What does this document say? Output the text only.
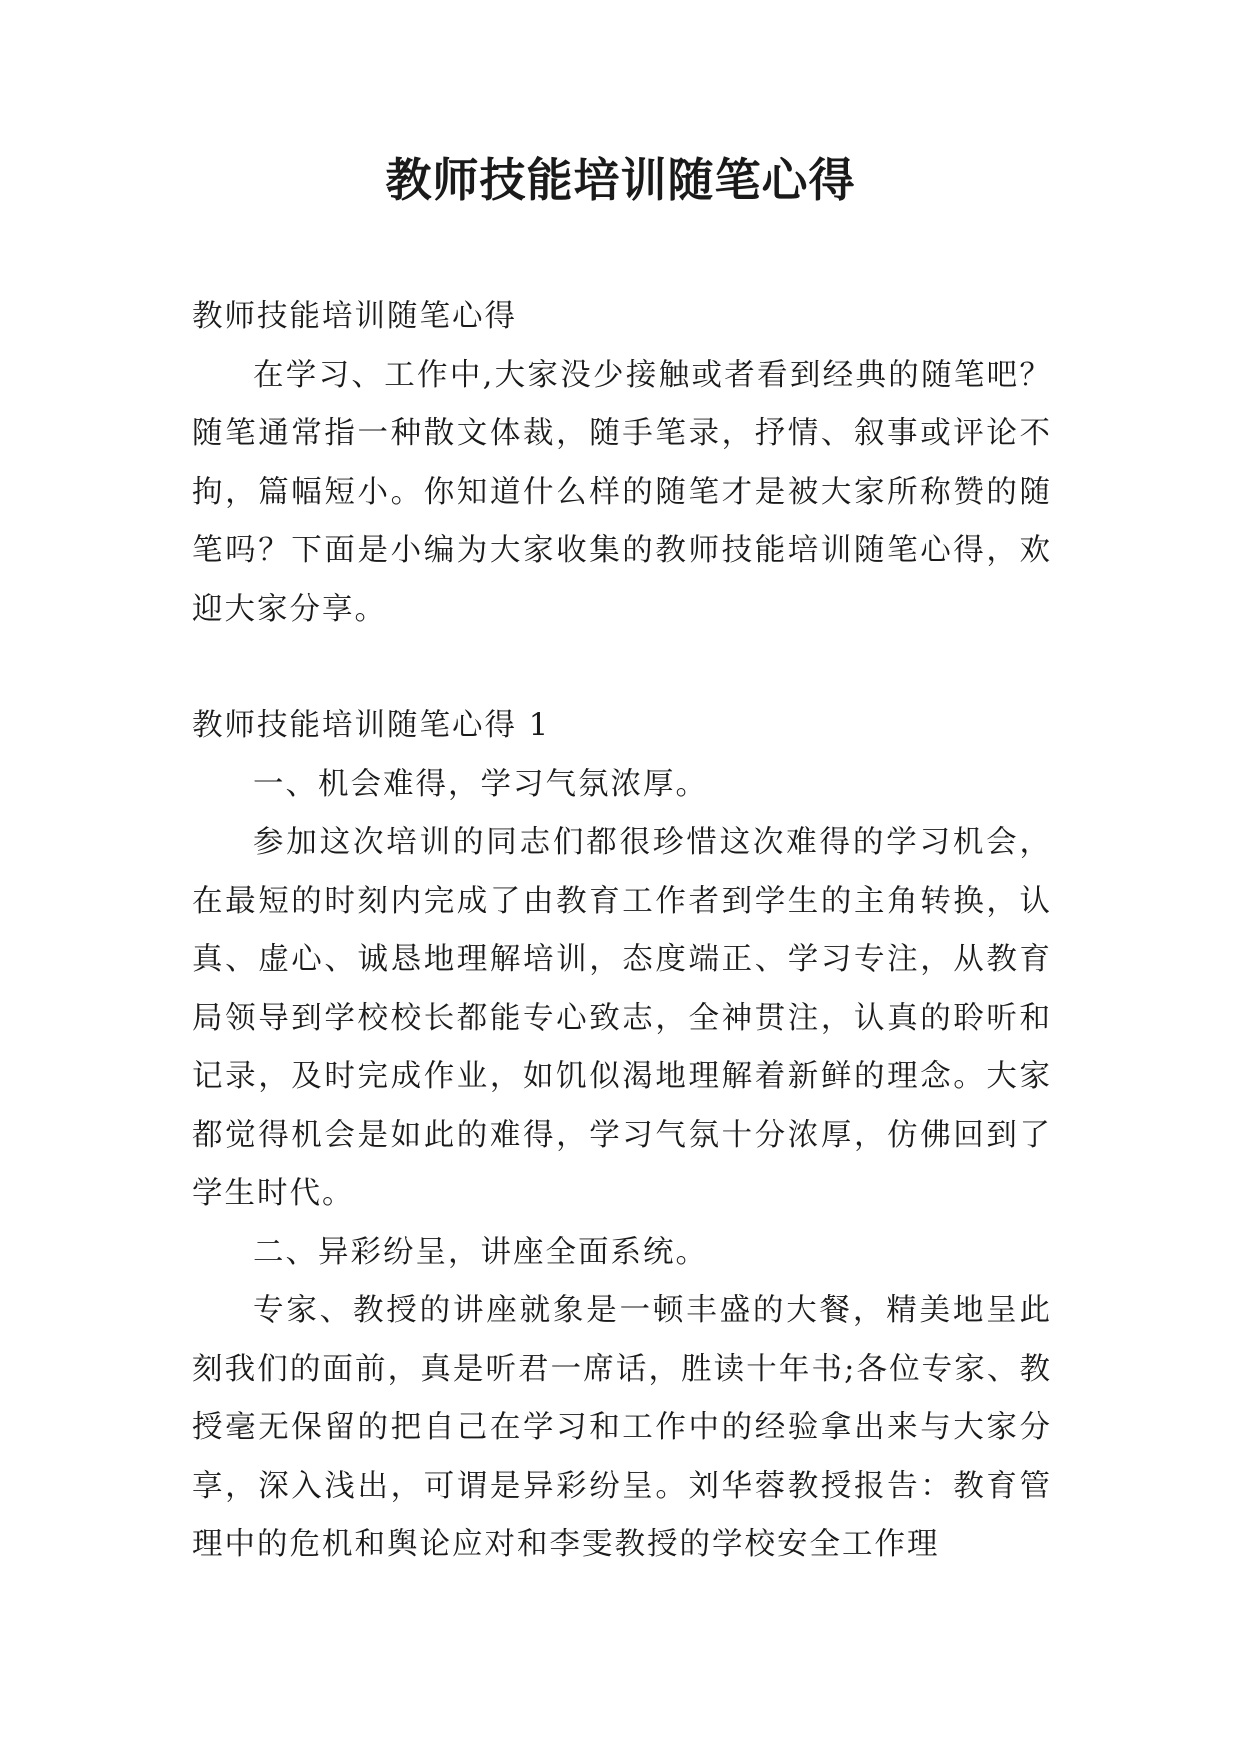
教师技能培训随笔心得

教师技能培训随笔心得

在学习、工作中,大家没少接触或者看到经典的随笔吧？随笔通常指一种散文体裁，随手笔录，抒情、叙事或评论不拘，篇幅短小。你知道什么样的随笔才是被大家所称赞的随笔吗？下面是小编为大家收集的教师技能培训随笔心得，欢迎大家分享。

教师技能培训随笔心得 1

一、机会难得，学习气氛浓厚。

参加这次培训的同志们都很珍惜这次难得的学习机会，在最短的时刻内完成了由教育工作者到学生的主角转换，认真、虚心、诚恳地理解培训，态度端正、学习专注，从教育局领导到学校校长都能专心致志，全神贯注，认真的聆听和记录，及时完成作业，如饥似渴地理解着新鲜的理念。大家都觉得机会是如此的难得，学习气氛十分浓厚，仿佛回到了学生时代。

二、异彩纷呈，讲座全面系统。

专家、教授的讲座就象是一顿丰盛的大餐，精美地呈此刻我们的面前，真是听君一席话，胜读十年书;各位专家、教授毫无保留的把自己在学习和工作中的经验拿出来与大家分享，深入浅出，可谓是异彩纷呈。刘华蓉教授报告：教育管理中的危机和舆论应对和李雯教授的学校安全工作理
